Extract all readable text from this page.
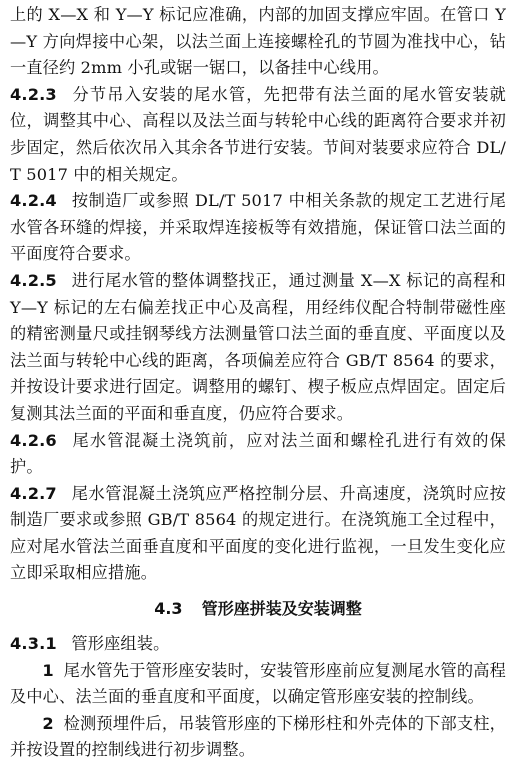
上的 X—X 和 Y—Y 标记应准确，内部的加固支撑应牢固。在管口 Y—Y 方向焊接中心架，以法兰面上连接螺栓孔的节圆为准找中心，钻一直径约 2mm 小孔或锯一锯口，以备挂中心线用。

4.2.3 分节吊入安装的尾水管，先把带有法兰面的尾水管安装就位，调整其中心、高程以及法兰面与转轮中心线的距离符合要求并初步固定，然后依次吊入其余各节进行安装。节间对装要求应符合 DL/T 5017 中的相关规定。

4.2.4 按制造厂或参照 DL/T 5017 中相关条款的规定工艺进行尾水管各环缝的焊接，并采取焊连接板等有效措施，保证管口法兰面的平面度符合要求。

4.2.5 进行尾水管的整体调整找正，通过测量 X—X 标记的高程和 Y—Y 标记的左右偏差找正中心及高程，用经纬仪配合特制带磁性座的精密测量尺或挂钢琴线方法测量管口法兰面的垂直度、平面度以及法兰面与转轮中心线的距离，各项偏差应符合 GB/T 8564 的要求，并按设计要求进行固定。调整用的螺钉、楔子板应点焊固定。固定后复测其法兰面的平面和垂直度，仍应符合要求。

4.2.6 尾水管混凝土浇筑前，应对法兰面和螺栓孔进行有效的保护。

4.2.7 尾水管混凝土浇筑应严格控制分层、升高速度，浇筑时应按制造厂要求或参照 GB/T 8564 的规定进行。在浇筑施工全过程中，应对尾水管法兰面垂直度和平面度的变化进行监视，一旦发生变化应立即采取相应措施。

4.3 管形座拼装及安装调整

4.3.1 管形座组装。

1 尾水管先于管形座安装时，安装管形座前应复测尾水管的高程及中心、法兰面的垂直度和平面度，以确定管形座安装的控制线。

2 检测预埋件后，吊装管形座的下梯形柱和外壳体的下部支柱，并按设置的控制线进行初步调整。
